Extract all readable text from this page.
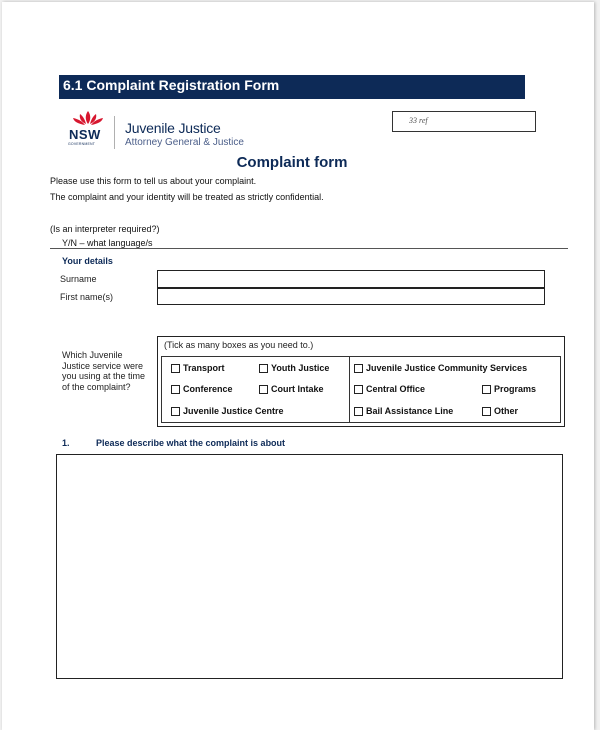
6.1 Complaint Registration Form
NSW
GOVERNMENT
Juvenile Justice
Attorney General & Justice
33 ref
Complaint form
Please use this form to tell us about your complaint.
The complaint and your identity will be treated as strictly confidential.
(Is an interpreter required?)
Y/N – what language/s
Your details
Surname
First name(s)
Which Juvenile Justice service were you using at the time of the complaint?
(Tick as many boxes as you need to.)
Transport	Youth Justice	Juvenile Justice Community Services
Conference	Court Intake	Central Office	Programs
Juvenile Justice Centre	Bail Assistance Line	Other
1.	Please describe what the complaint is about
